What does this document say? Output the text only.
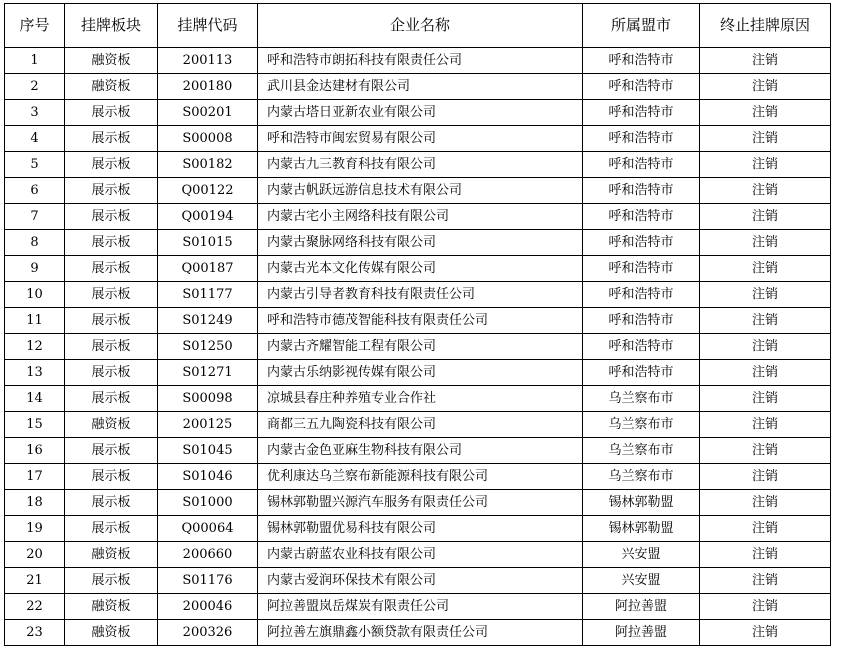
序号	挂牌板块	挂牌代码	企业名称	所属盟市	终止挂牌原因
1	融资板	200113	呼和浩特市朗拓科技有限责任公司	呼和浩特市	注销
2	融资板	200180	武川县金达建材有限公司	呼和浩特市	注销
3	展示板	S00201	内蒙古塔日亚新农业有限公司	呼和浩特市	注销
4	展示板	S00008	呼和浩特市闽宏贸易有限公司	呼和浩特市	注销
5	展示板	S00182	内蒙古九三教育科技有限公司	呼和浩特市	注销
6	展示板	Q00122	内蒙古帆跃远游信息技术有限公司	呼和浩特市	注销
7	展示板	Q00194	内蒙古宅小主网络科技有限公司	呼和浩特市	注销
8	展示板	S01015	内蒙古聚脉网络科技有限公司	呼和浩特市	注销
9	展示板	Q00187	内蒙古光本文化传媒有限公司	呼和浩特市	注销
10	展示板	S01177	内蒙古引导者教育科技有限责任公司	呼和浩特市	注销
11	展示板	S01249	呼和浩特市德茂智能科技有限责任公司	呼和浩特市	注销
12	展示板	S01250	内蒙古齐耀智能工程有限公司	呼和浩特市	注销
13	展示板	S01271	内蒙古乐纳影视传媒有限公司	呼和浩特市	注销
14	展示板	S00098	凉城县春庄种养殖专业合作社	乌兰察布市	注销
15	融资板	200125	商都三五九陶瓷科技有限公司	乌兰察布市	注销
16	展示板	S01045	内蒙古金色亚麻生物科技有限公司	乌兰察布市	注销
17	展示板	S01046	优利康达乌兰察布新能源科技有限公司	乌兰察布市	注销
18	展示板	S01000	锡林郭勒盟兴源汽车服务有限责任公司	锡林郭勒盟	注销
19	展示板	Q00064	锡林郭勒盟优易科技有限公司	锡林郭勒盟	注销
20	融资板	200660	内蒙古蔚蓝农业科技有限公司	兴安盟	注销
21	展示板	S01176	内蒙古爱润环保技术有限公司	兴安盟	注销
22	融资板	200046	阿拉善盟岚岳煤炭有限责任公司	阿拉善盟	注销
23	融资板	200326	阿拉善左旗鼎鑫小额贷款有限责任公司	阿拉善盟	注销
